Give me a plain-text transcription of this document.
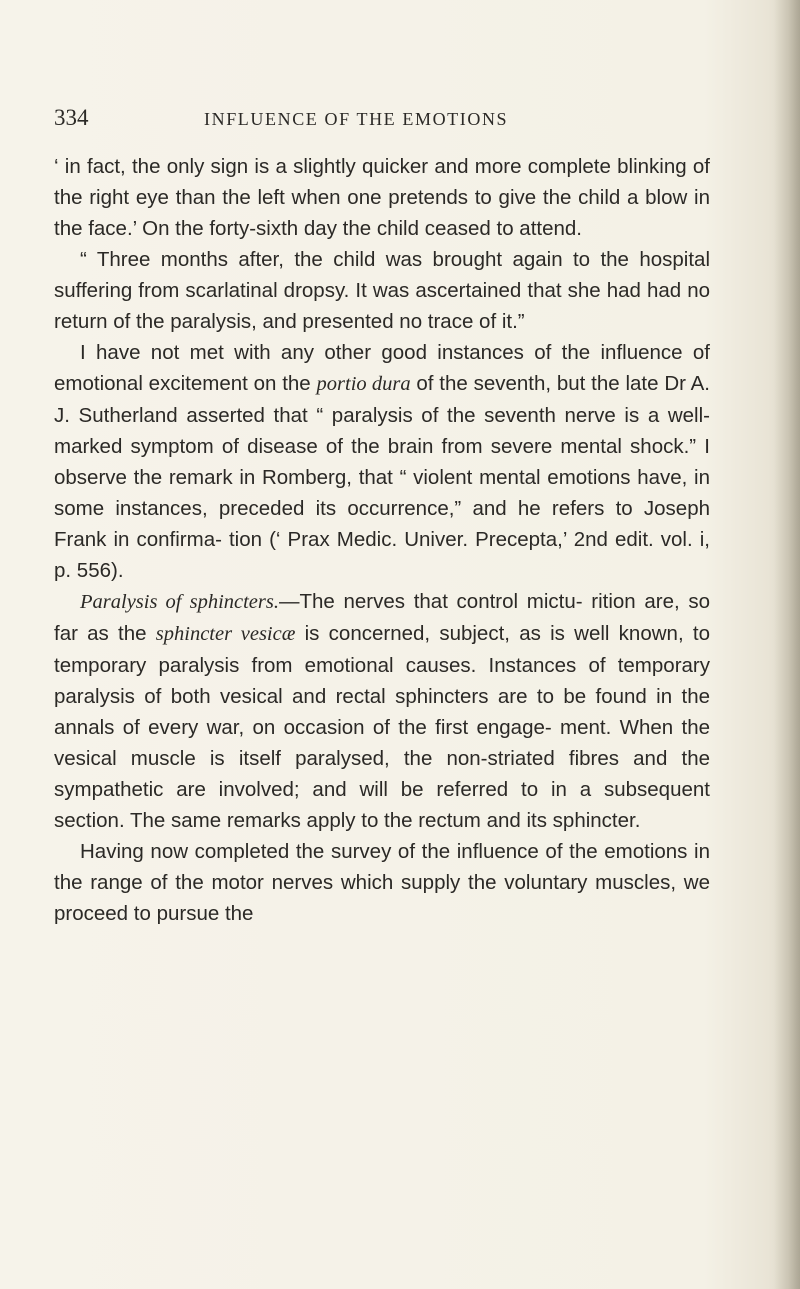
334	INFLUENCE OF THE EMOTIONS

‘ in fact, the only sign is a slightly quicker and more complete blinking of the right eye than the left when one pretends to give the child a blow in the face.’ On the forty-sixth day the child ceased to attend.

“ Three months after, the child was brought again to the hospital suffering from scarlatinal dropsy. It was ascertained that she had had no return of the paralysis, and presented no trace of it.”

I have not met with any other good instances of the influence of emotional excitement on the portio dura of the seventh, but the late Dr A. J. Sutherland asserted that “ paralysis of the seventh nerve is a well-marked symptom of disease of the brain from severe mental shock.” I observe the remark in Romberg, that “ violent mental emotions have, in some instances, preceded its occurrence,” and he refers to Joseph Frank in confirma- tion (‘ Prax Medic. Univer. Precepta,’ 2nd edit. vol. i, p. 556).

Paralysis of sphincters.—The nerves that control mictu- rition are, so far as the sphincter vesicæ is concerned, subject, as is well known, to temporary paralysis from emotional causes. Instances of temporary paralysis of both vesical and rectal sphincters are to be found in the annals of every war, on occasion of the first engage- ment. When the vesical muscle is itself paralysed, the non-striated fibres and the sympathetic are involved; and will be referred to in a subsequent section. The same remarks apply to the rectum and its sphincter.

Having now completed the survey of the influence of the emotions in the range of the motor nerves which supply the voluntary muscles, we proceed to pursue the
